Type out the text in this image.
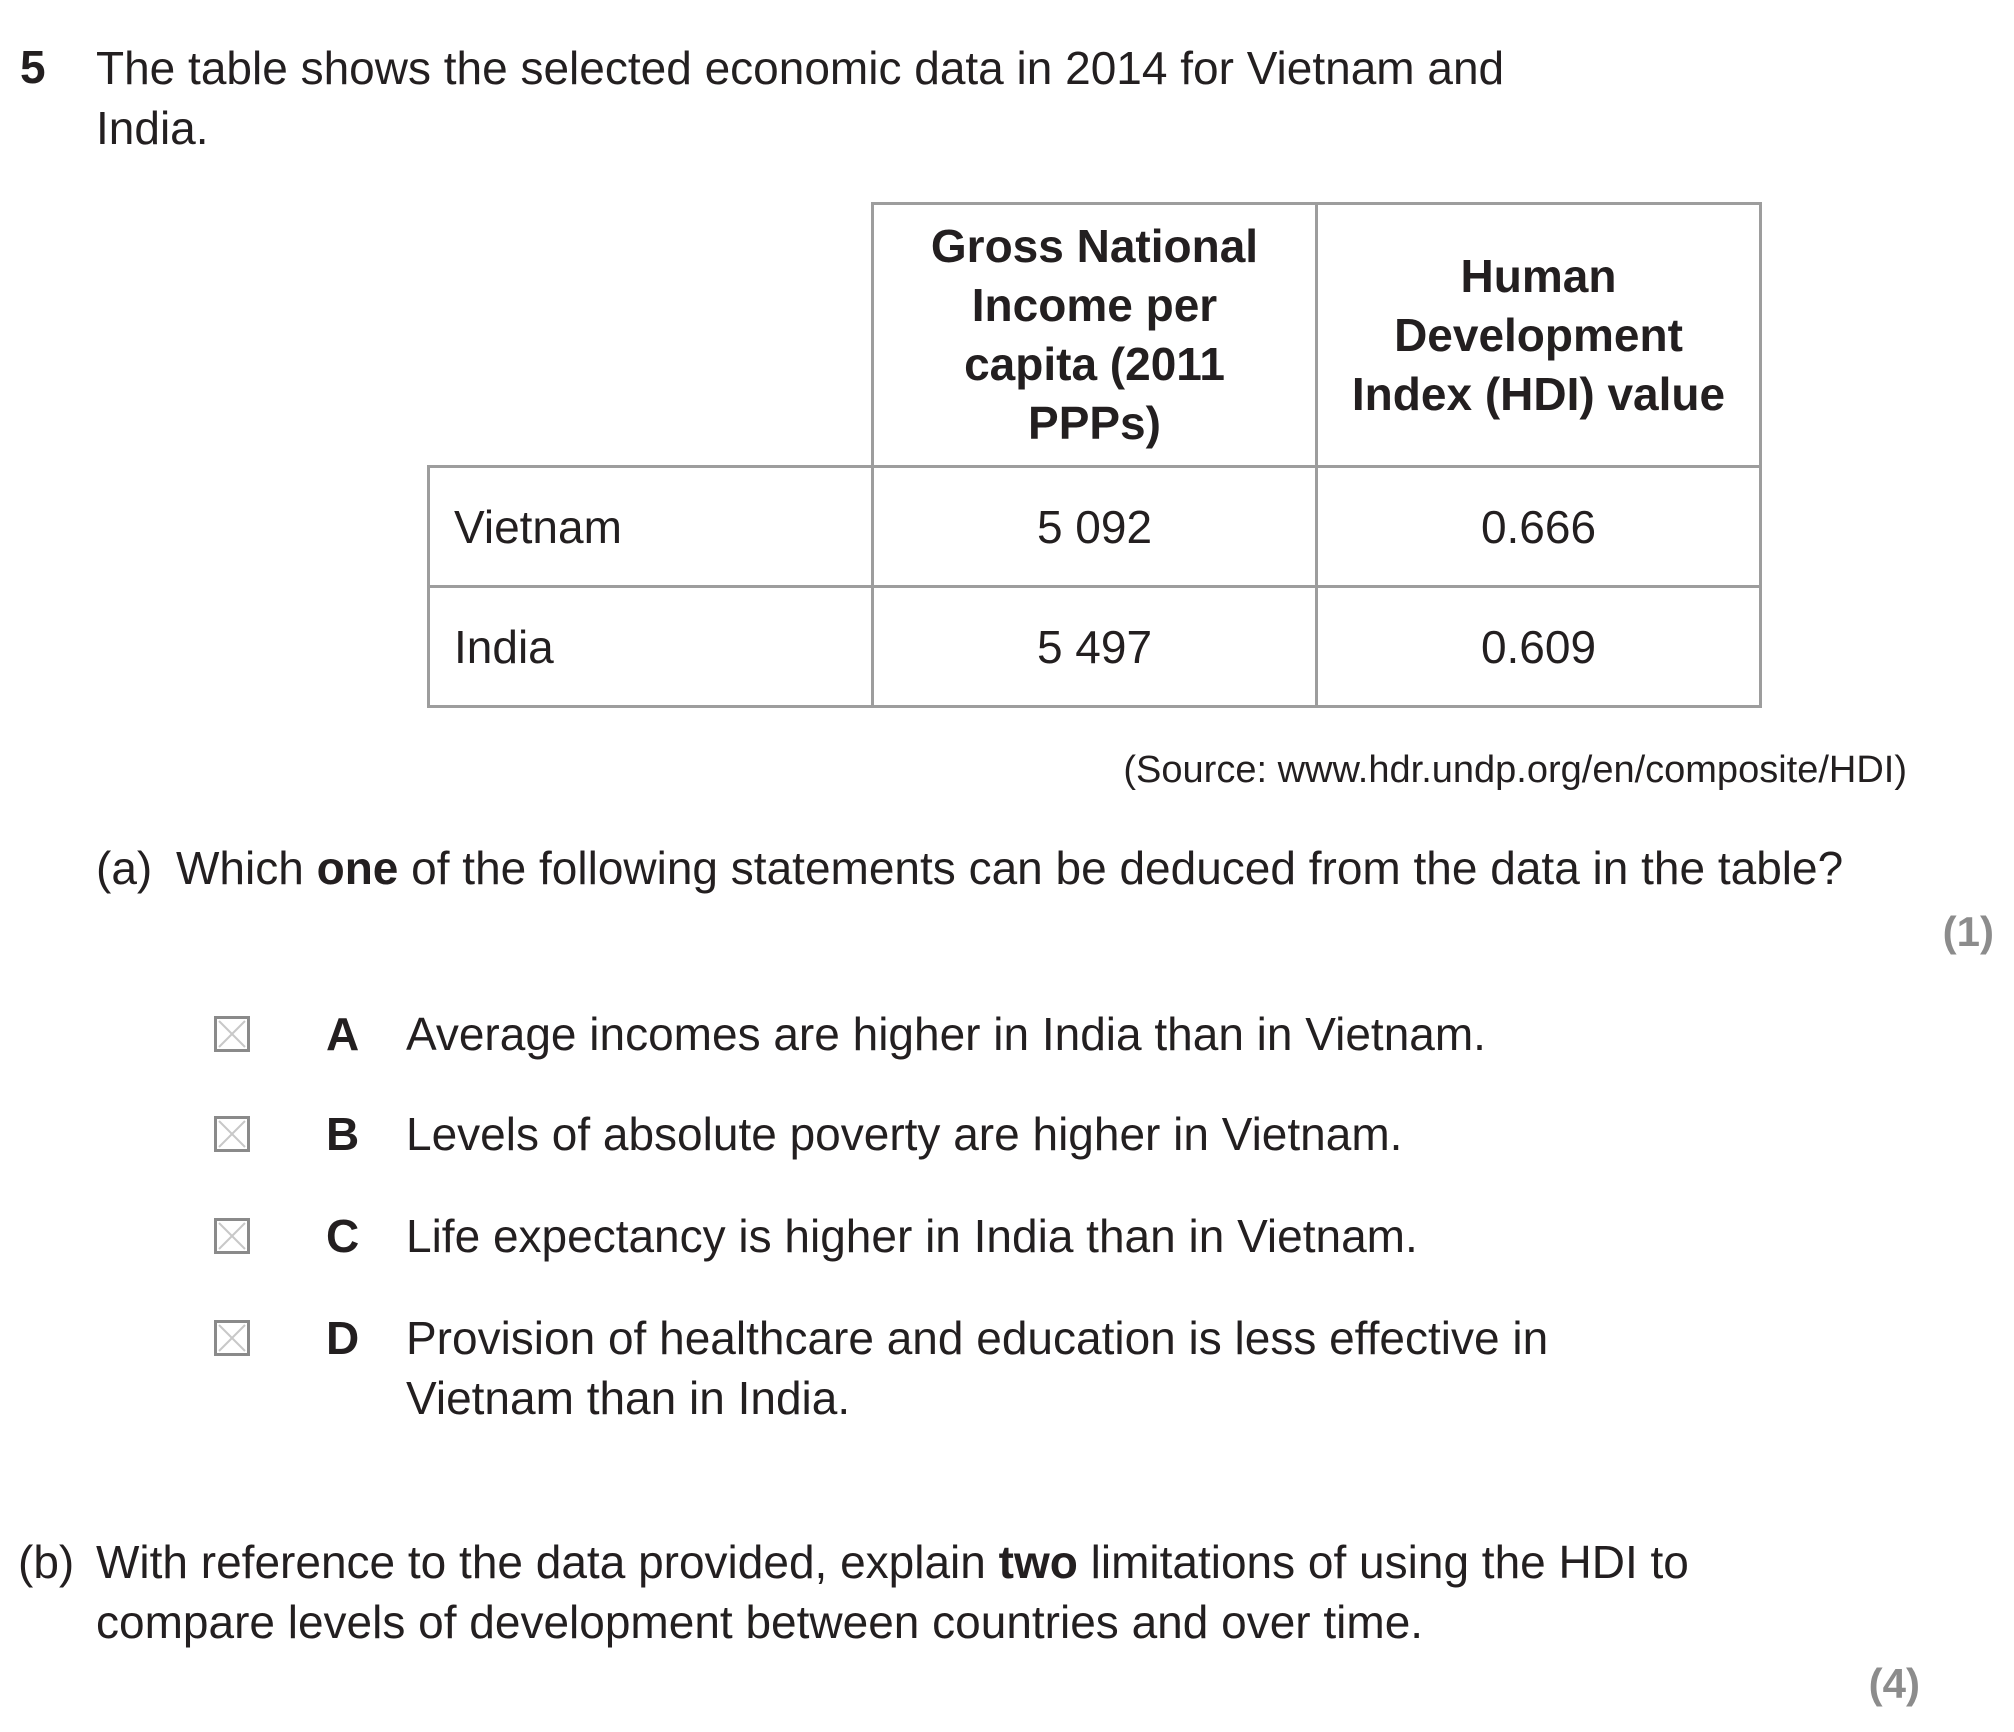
5 The table shows the selected economic data in 2014 for Vietnam and India.

	Gross National Income per capita (2011 PPPs)	Human Development Index (HDI) value

Vietnam	5 092	0.666
India	5 497	0.609
(Source: www.hdr.undp.org/en/composite/HDI)
(a) Which one of the following statements can be deduced from the data in the table?
(1)
A Average incomes are higher in India than in Vietnam.
B Levels of absolute poverty are higher in Vietnam.
C Life expectancy is higher in India than in Vietnam.
D Provision of healthcare and education is less effective in Vietnam than in India.
(b) With reference to the data provided, explain two limitations of using the HDI to compare levels of development between countries and over time.
(4)
